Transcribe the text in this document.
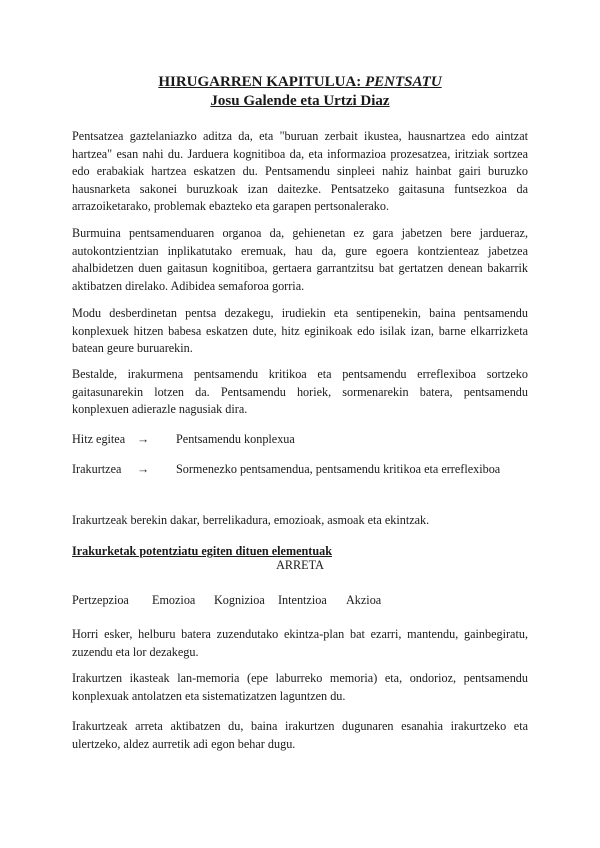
HIRUGARREN KAPITULUA: PENTSATU
Josu Galende eta Urtzi Diaz
Pentsatzea gaztelaniazko aditza da, eta "buruan zerbait ikustea, hausnartzea edo aintzat hartzea" esan nahi du. Jarduera kognitiboa da, eta informazioa prozesatzea, iritziak sortzea edo erabakiak hartzea eskatzen du. Pentsamendu sinpleei nahiz hainbat gairi buruzko hausnarketa sakonei buruzkoak izan daitezke. Pentsatzeko gaitasuna funtsezkoa da arrazoiketarako, problemak ebazteko eta garapen pertsonalerako.
Burmuina pentsamenduaren organoa da, gehienetan ez gara jabetzen bere jardueraz, autokontzientzian inplikatutako eremuak, hau da, gure egoera kontzienteaz jabetzea ahalbidetzen duen gaitasun kognitiboa, gertaera garrantzitsu bat gertatzen denean bakarrik aktibatzen direlako. Adibidea semaforoa gorria.
Modu desberdinetan pentsa dezakegu, irudiekin eta sentipenekin, baina pentsamendu konplexuek hitzen babesa eskatzen dute, hitz eginikoak edo isilak izan, barne elkarrizketa batean geure buruarekin.
Bestalde, irakurmena pentsamendu kritikoa eta pentsamendu erreflexiboa sortzeko gaitasunarekin lotzen da. Pentsamendu horiek, sormenarekin batera, pentsamendu konplexuen adierazle nagusiak dira.
Hitz egitea → Pentsamendu konplexua
Irakurtzea → Sormenezko pentsamendua, pentsamendu kritikoa eta erreflexiboa
Irakurtzeak berekin dakar, berrelikadura, emozioak, asmoak eta ekintzak.
Irakurketak potentziatu egiten dituen elementuak
ARRETA
Pertzepzioa Emozioa Kognizioa Intentzioa Akzioa
Horri esker, helburu batera zuzendutako ekintza-plan bat ezarri, mantendu, gainbegiratu, zuzendu eta lor dezakegu.
Irakurtzen ikasteak lan-memoria (epe laburreko memoria) eta, ondorioz, pentsamendu konplexuak antolatzen eta sistematizatzen laguntzen du.
Irakurtzeak arreta aktibatzen du, baina irakurtzen dugunaren esanahia irakurtzeko eta ulertzeko, aldez aurretik adi egon behar dugu.
